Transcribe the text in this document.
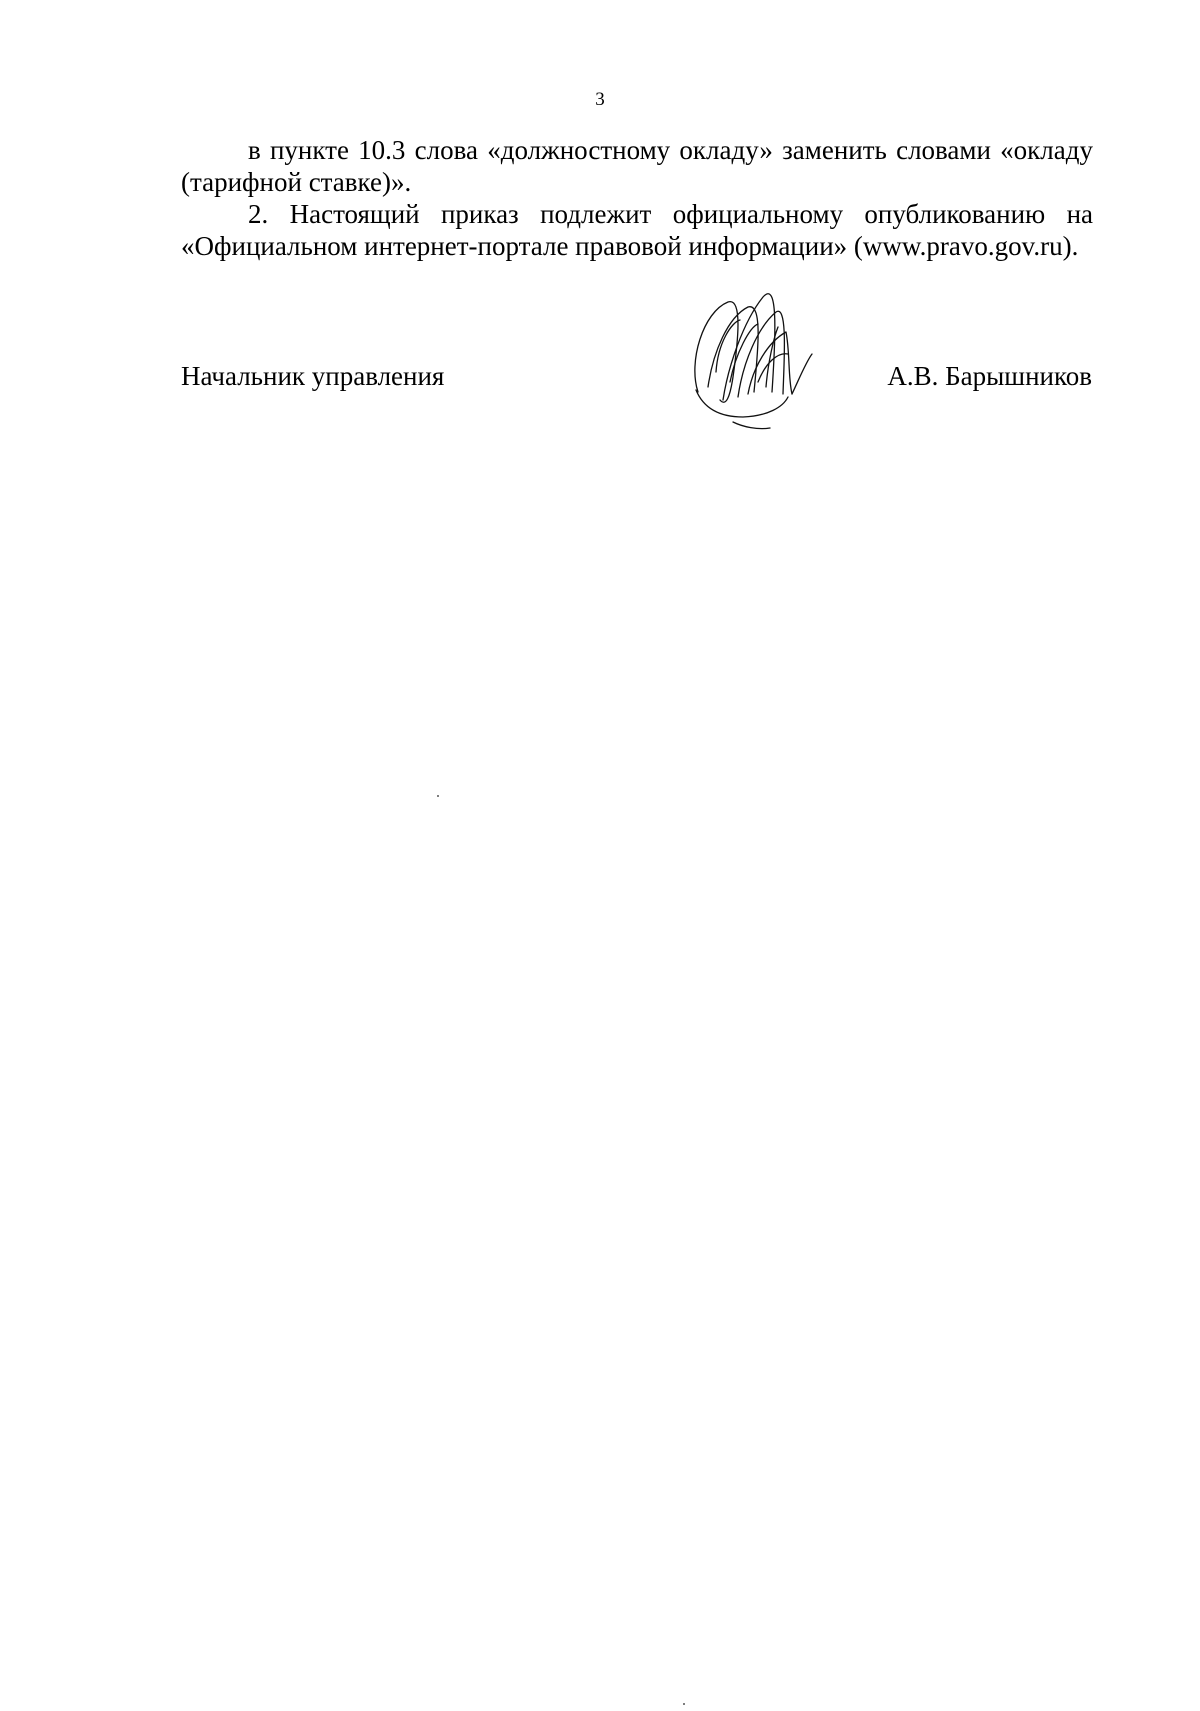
3

в пункте 10.3 слова «должностному окладу» заменить словами «окладу

(тарифной ставке)».

2. Настоящий приказ подлежит официальному опубликованию на

«Официальном интернет-портале правовой информации» (www.pravo.gov.ru).

Начальник управления	А.В. Барышников
